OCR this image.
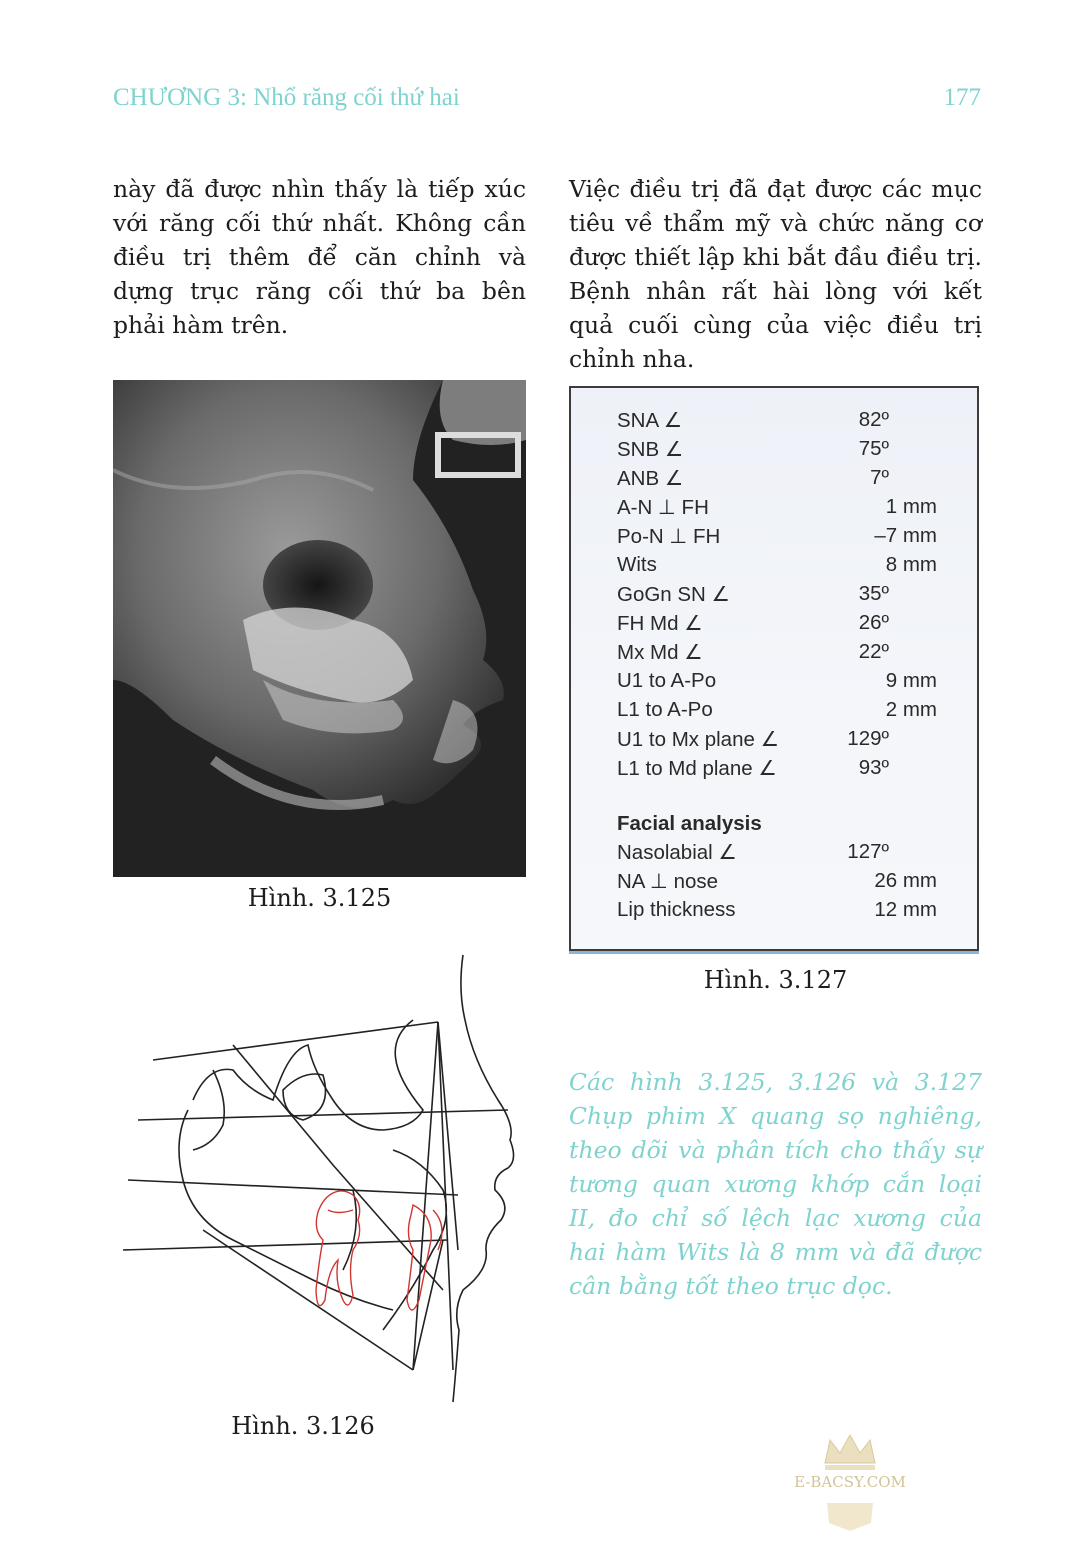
CHƯƠNG 3: Nhổ răng cối thứ hai	177
này đã được nhìn thấy là tiếp xúc với răng cối thứ nhất. Không cần điều trị thêm để căn chỉnh và dựng trục răng cối thứ ba bên phải hàm trên.
Việc điều trị đã đạt được các mục tiêu về thẩm mỹ và chức năng cơ được thiết lập khi bắt đầu điều trị. Bệnh nhân rất hài lòng với kết quả cuối cùng của việc điều trị chỉnh nha.
Hình. 3.125
SNA ∠	82º
SNB ∠	75º
ANB ∠	7º
A-N ⊥ FH	1 mm
Po-N ⊥ FH	–7 mm
Wits	8 mm
GoGn SN ∠	35º
FH Md ∠	26º
Mx Md ∠	22º
U1 to A-Po	9 mm
L1 to A-Po	2 mm
U1 to Mx plane ∠	129º
L1 to Md plane ∠	93º
Facial analysis
Nasolabial ∠	127º
NA ⊥ nose	26 mm
Lip thickness	12 mm
Hình. 3.127
Hình. 3.126
Các hình 3.125, 3.126 và 3.127 Chụp phim X quang sọ nghiêng, theo dõi và phân tích cho thấy sự tương quan xương khớp cắn loại II, đo chỉ số lệch lạc xương của hai hàm Wits là 8 mm và đã được cân bằng tốt theo trục dọc.
E-BACSY.COM
